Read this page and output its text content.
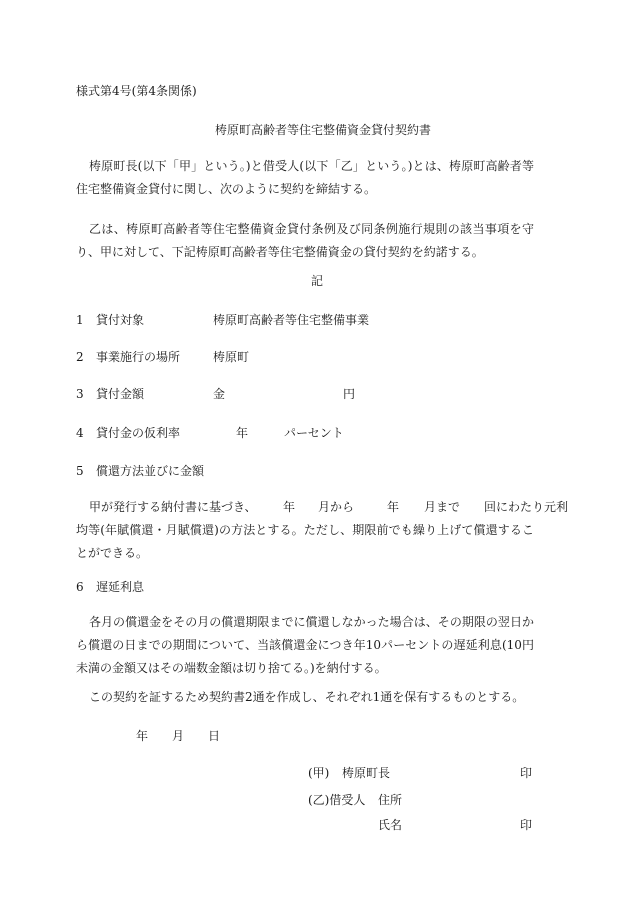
様式第4号(第4条関係)
梼原町高齢者等住宅整備資金貸付契約書
梼原町長(以下「甲」という。)と借受人(以下「乙」という。)とは、梼原町高齢者等住宅整備資金貸付に関し、次のように契約を締結する。
乙は、梼原町高齢者等住宅整備資金貸付条例及び同条例施行規則の該当事項を守り、甲に対して、下記梼原町高齢者等住宅整備資金の貸付契約を約諾する。
記
1 貸付対象	梼原町高齢者等住宅整備事業
2 事業施行の場所	梼原町
3 貸付金額	金	円
4 貸付金の仮利率	年	パーセント
5 償還方法並びに金額
甲が発行する納付書に基づき、 年 月から	年 月まで 回にわたり元利
均等(年賦償還・月賦償還)の方法とする。ただし、期限前でも繰り上げて償還することができる。
6 遅延利息
各月の償還金をその月の償還期限までに償還しなかった場合は、その期限の翌日から償還の日までの期間について、当該償還金につき年10パーセントの遅延利息(10円未満の金額又はその端数金額は切り捨てる。)を納付する。
この契約を証するため契約書2通を作成し、それぞれ1通を保有するものとする。
年 月 日
(甲) 梼原町長	印
(乙)借受人 住所
氏名	印
